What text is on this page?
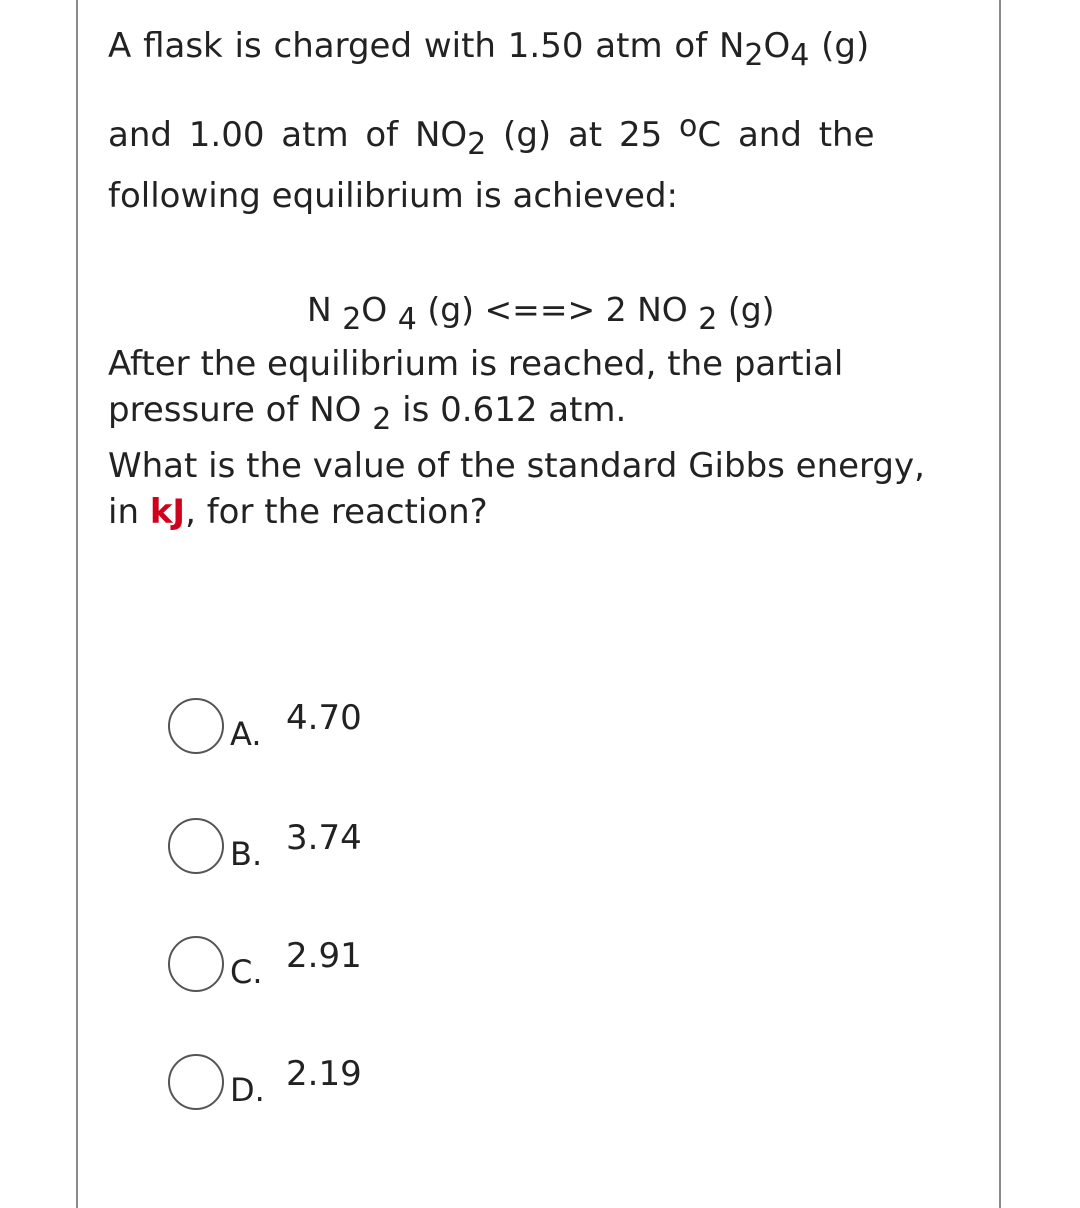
A flask is charged with 1.50 atm of $N_2O_4$ (g)
and 1.00 atm of $NO_2$ (g) at 25 $^o$C and the
following equilibrium is achieved:
N 2O 4 (g) <==> 2 NO 2 (g)
After the equilibrium is reached, the partial
pressure of NO 2 is 0.612 atm.
What is the value of the standard Gibbs energy,
in kJ, for the reaction?
A. 4.70
B. 3.74
C. 2.91
D. 2.19
